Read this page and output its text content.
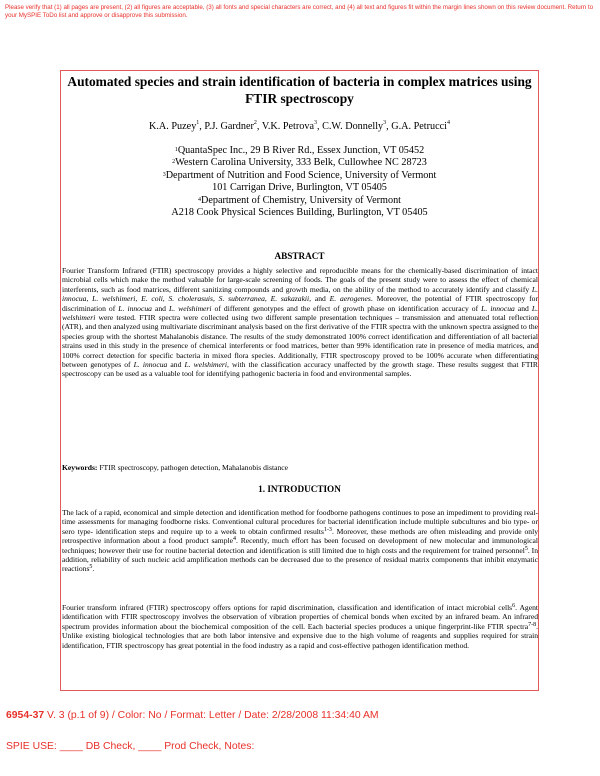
Please verify that (1) all pages are present, (2) all figures are acceptable, (3) all fonts and special characters are correct, and (4) all text and figures fit within the margin lines shown on this review document. Return to your MySPIE ToDo list and approve or disapprove this submission.
Automated species and strain identification of bacteria in complex matrices using FTIR spectroscopy
K.A. Puzey$^1$, P.J. Gardner$^2$, V.K. Petrova$^3$, C.W. Donnelly$^3$, G.A. Petrucci$^4$
$^1$QuantaSpec Inc., 29 B River Rd., Essex Junction, VT 05452
$^2$Western Carolina University, 333 Belk, Cullowhee NC 28723
$^3$Department of Nutrition and Food Science, University of Vermont
101 Carrigan Drive, Burlington, VT 05405
$^4$Department of Chemistry, University of Vermont
A218 Cook Physical Sciences Building, Burlington, VT 05405
ABSTRACT
Fourier Transform Infrared (FTIR) spectroscopy provides a highly selective and reproducible means for the chemically-based discrimination of intact microbial cells which make the method valuable for large-scale screening of foods. The goals of the present study were to assess the effect of chemical interferents, such as food matrices, different sanitizing compounds and growth media, on the ability of the method to accurately identify and classify L. innocua, L. welshimeri, E. coli, S. cholerasuis, S. subterranea, E. sakazakii, and E. aerogenes. Moreover, the potential of FTIR spectroscopy for discrimination of L. innocua and L. welshimeri of different genotypes and the effect of growth phase on identification accuracy of L. innocua and L. welshimeri were tested. FTIR spectra were collected using two different sample presentation techniques – transmission and attenuated total reflection (ATR), and then analyzed using multivariate discriminant analysis based on the first derivative of the FTIR spectra with the unknown spectra assigned to the species group with the shortest Mahalanobis distance. The results of the study demonstrated 100% correct identification and differentiation of all bacterial strains used in this study in the presence of chemical interferents or food matrices, better than 99% identification rate in presence of media matrices, and 100% correct detection for specific bacteria in mixed flora species. Additionally, FTIR spectroscopy proved to be 100% accurate when differentiating between genotypes of L. innocua and L. welshimeri, with the classification accuracy unaffected by the growth stage. These results suggest that FTIR spectroscopy can be used as a valuable tool for identifying pathogenic bacteria in food and environmental samples.
Keywords: FTIR spectroscopy, pathogen detection, Mahalanobis distance
1. INTRODUCTION
The lack of a rapid, economical and simple detection and identification method for foodborne pathogens continues to pose an impediment to providing real-time assessments for managing foodborne risks. Conventional cultural procedures for bacterial identification include multiple subcultures and bio type- or sero type- identification steps and require up to a week to obtain confirmed results$^{1-3}$. Moreover, these methods are often misleading and provide only retrospective information about a food product sample$^4$. Recently, much effort has been focused on development of new molecular and immunological techniques; however their use for routine bacterial detection and identification is still limited due to high costs and the requirement for trained personnel$^5$. In addition, reliability of such nucleic acid amplification methods can be decreased due to the presence of residual matrix components that inhibit enzymatic reactions$^5$.
Fourier transform infrared (FTIR) spectroscopy offers options for rapid discrimination, classification and identification of intact microbial cells$^6$. Agent identification with FTIR spectroscopy involves the observation of vibration properties of chemical bonds when excited by an infrared beam. An infrared spectrum provides information about the biochemical composition of the cell. Each bacterial species produces a unique fingerprint-like FTIR spectra$^{7-8}$. Unlike existing biological technologies that are both labor intensive and expensive due to the high volume of reagents and supplies required for strain identification, FTIR spectroscopy has great potential in the food industry as a rapid and cost-effective pathogen identification method.
6954-37 V. 3 (p.1 of 9) / Color: No / Format: Letter / Date: 2/28/2008 11:34:40 AM
SPIE USE: ____ DB Check, ____ Prod Check, Notes:
